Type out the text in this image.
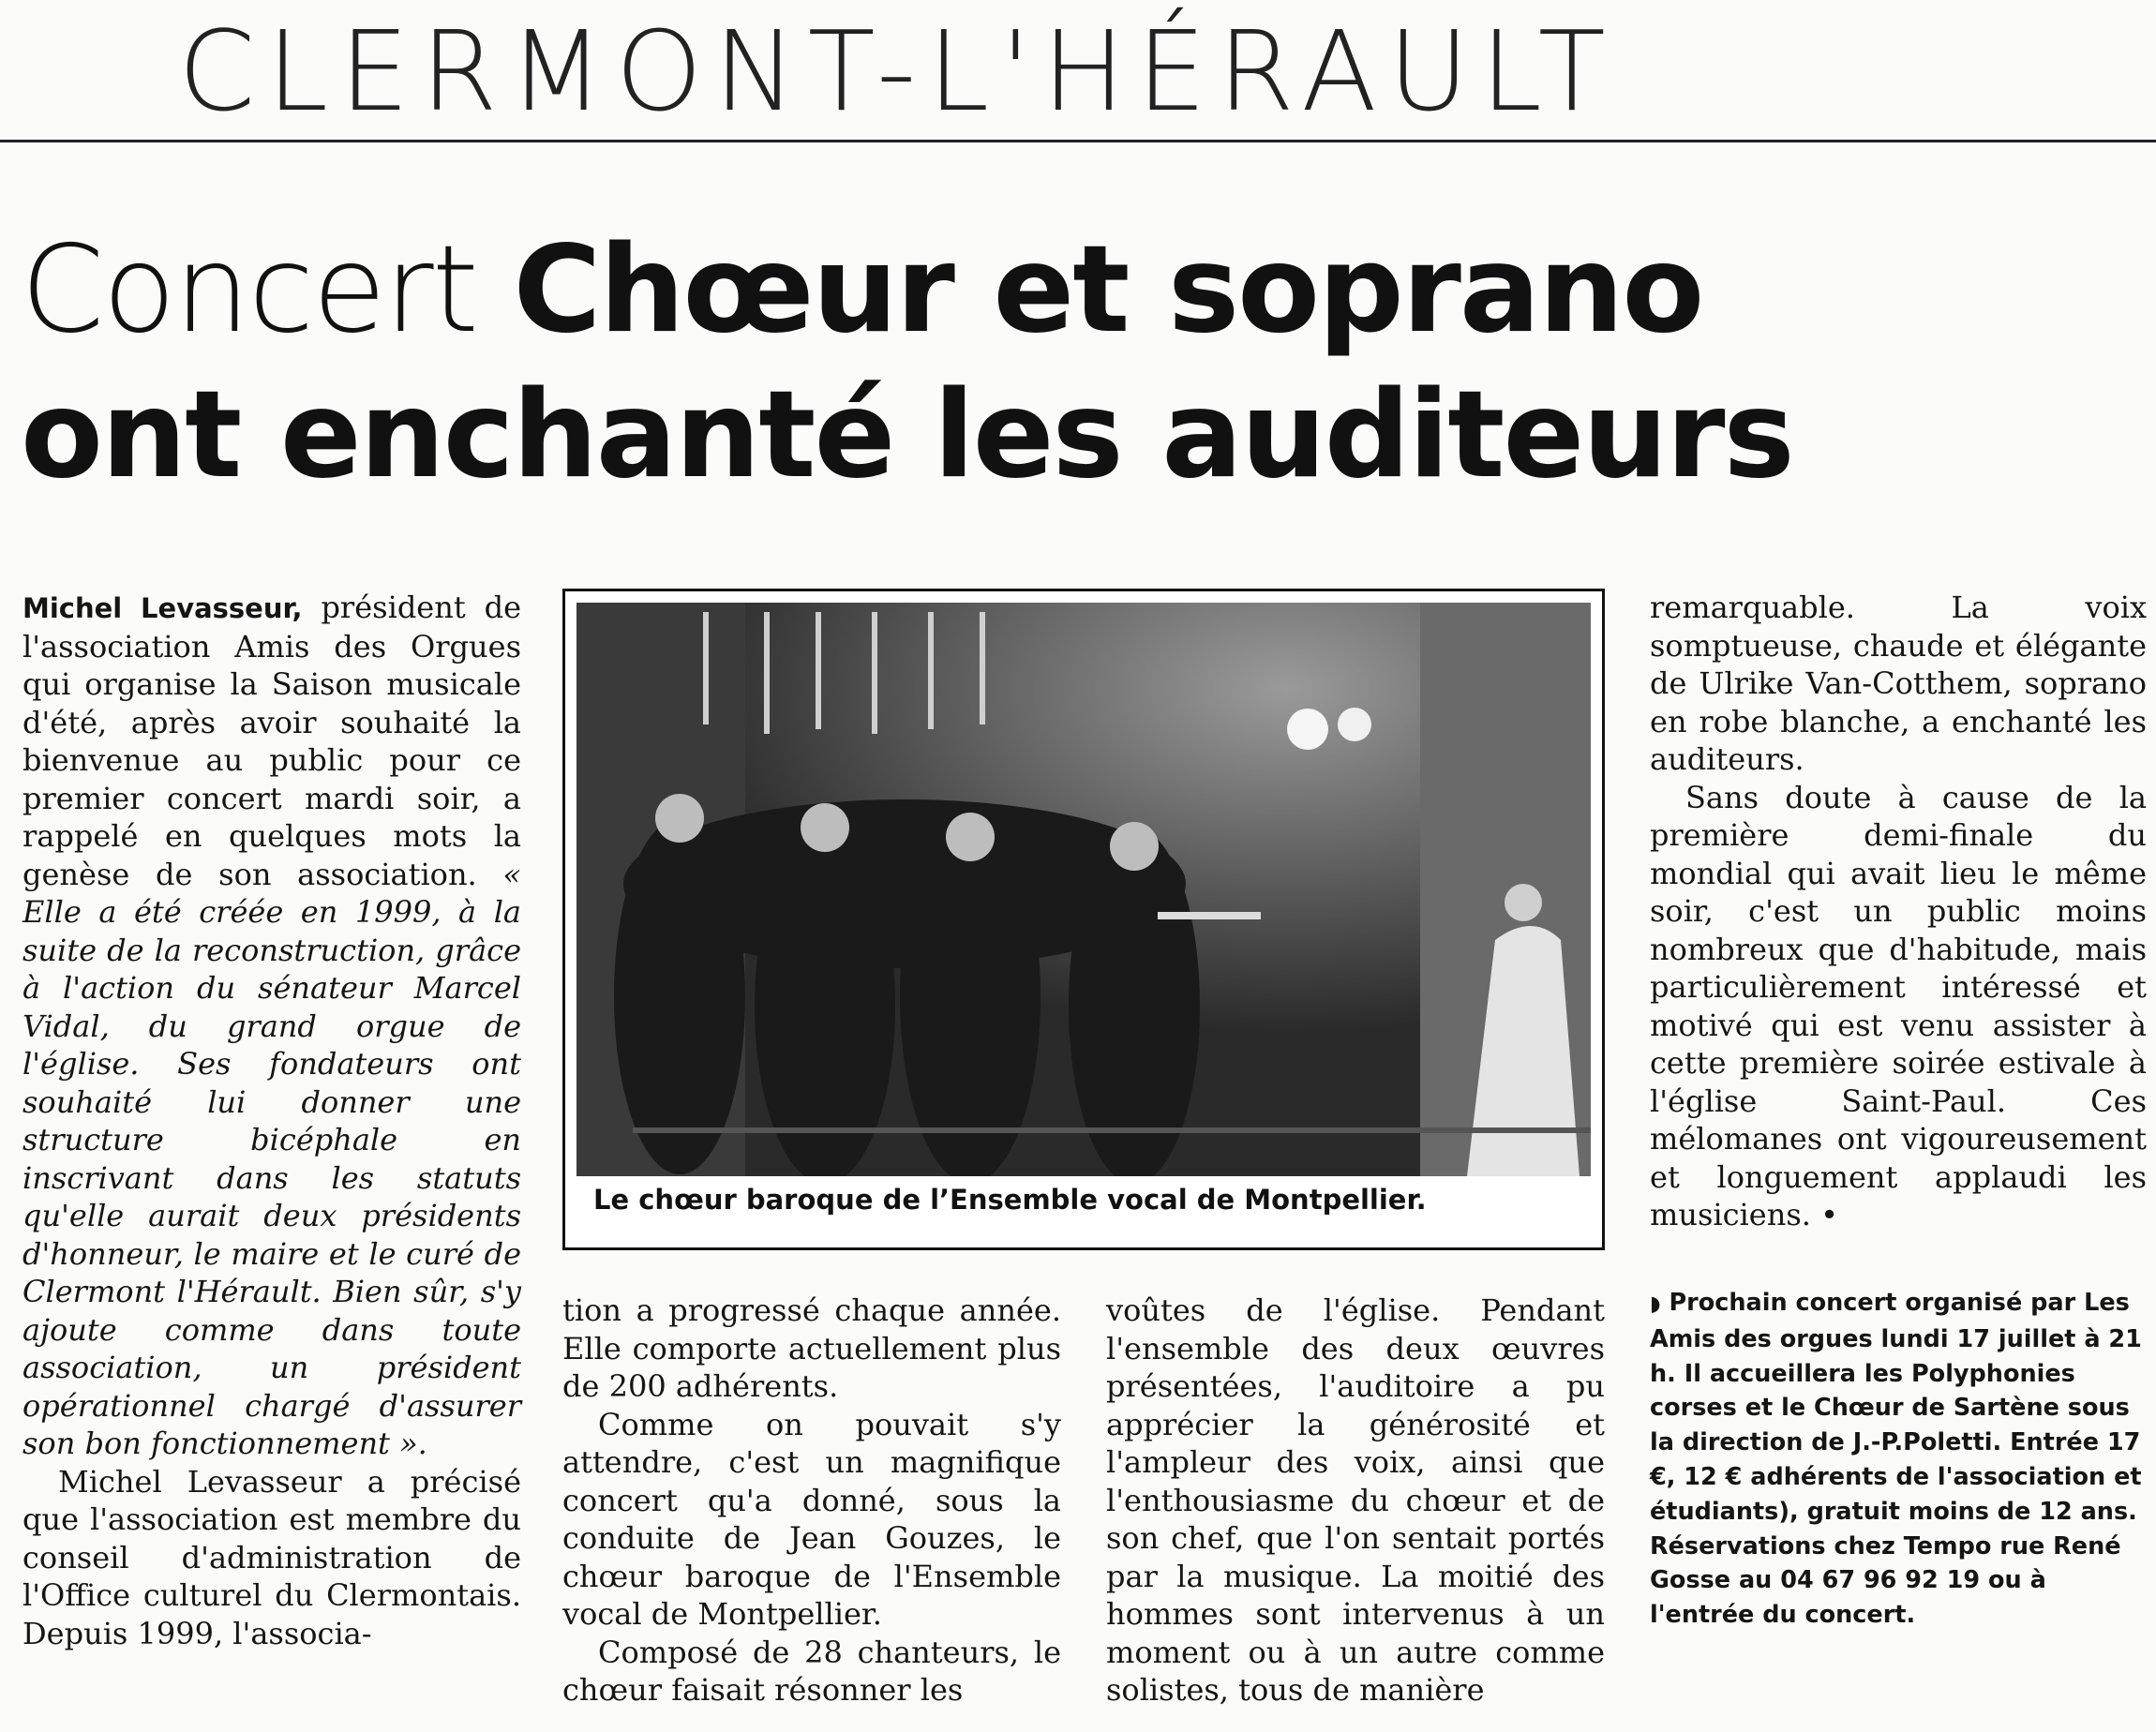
CLERMONT-L'HÉRAULT
Concert Chœur et soprano
ont enchanté les auditeurs

Michel Levasseur, président de l'association Amis des Orgues qui organise la Saison musicale d'été, après avoir souhaité la bienvenue au public pour ce premier concert mardi soir, a rappelé en quelques mots la genèse de son association. « Elle a été créée en 1999, à la suite de la reconstruction, grâce à l'action du sénateur Marcel Vidal, du grand orgue de l'église. Ses fondateurs ont souhaité lui donner une structure bicéphale en inscrivant dans les statuts qu'elle aurait deux présidents d'honneur, le maire et le curé de Clermont l'Hérault. Bien sûr, s'y ajoute comme dans toute association, un président opérationnel chargé d'assurer son bon fonctionnement ».

Michel Levasseur a précisé que l'association est membre du conseil d'administration de l'Office culturel du Clermontais. Depuis 1999, l'associa-

Le chœur baroque de l’Ensemble vocal de Montpellier.

tion a progressé chaque année. Elle comporte actuellement plus de 200 adhérents.

Comme on pouvait s'y attendre, c'est un magnifique concert qu'a donné, sous la conduite de Jean Gouzes, le chœur baroque de l'Ensemble vocal de Montpellier.

Composé de 28 chanteurs, le chœur faisait résonner les

voûtes de l'église. Pendant l'ensemble des deux œuvres présentées, l'auditoire a pu apprécier la générosité et l'ampleur des voix, ainsi que l'enthousiasme du chœur et de son chef, que l'on sentait portés par la musique. La moitié des hommes sont intervenus à un moment ou à un autre comme solistes, tous de manière

remarquable. La voix somptueuse, chaude et élégante de Ulrike Van-Cotthem, soprano en robe blanche, a enchanté les auditeurs.

Sans doute à cause de la première demi-finale du mondial qui avait lieu le même soir, c'est un public moins nombreux que d'habitude, mais particulièrement intéressé et motivé qui est venu assister à cette première soirée estivale à l'église Saint-Paul. Ces mélomanes ont vigoureusement et longuement applaudi les musiciens. •

◗ Prochain concert organisé par Les Amis des orgues lundi 17 juillet à 21 h. Il accueillera les Polyphonies corses et le Chœur de Sartène sous la direction de J.-P.Poletti. Entrée 17 €, 12 € adhérents de l'association et étudiants), gratuit moins de 12 ans. Réservations chez Tempo rue René Gosse au 04 67 96 92 19 ou à l'entrée du concert.
